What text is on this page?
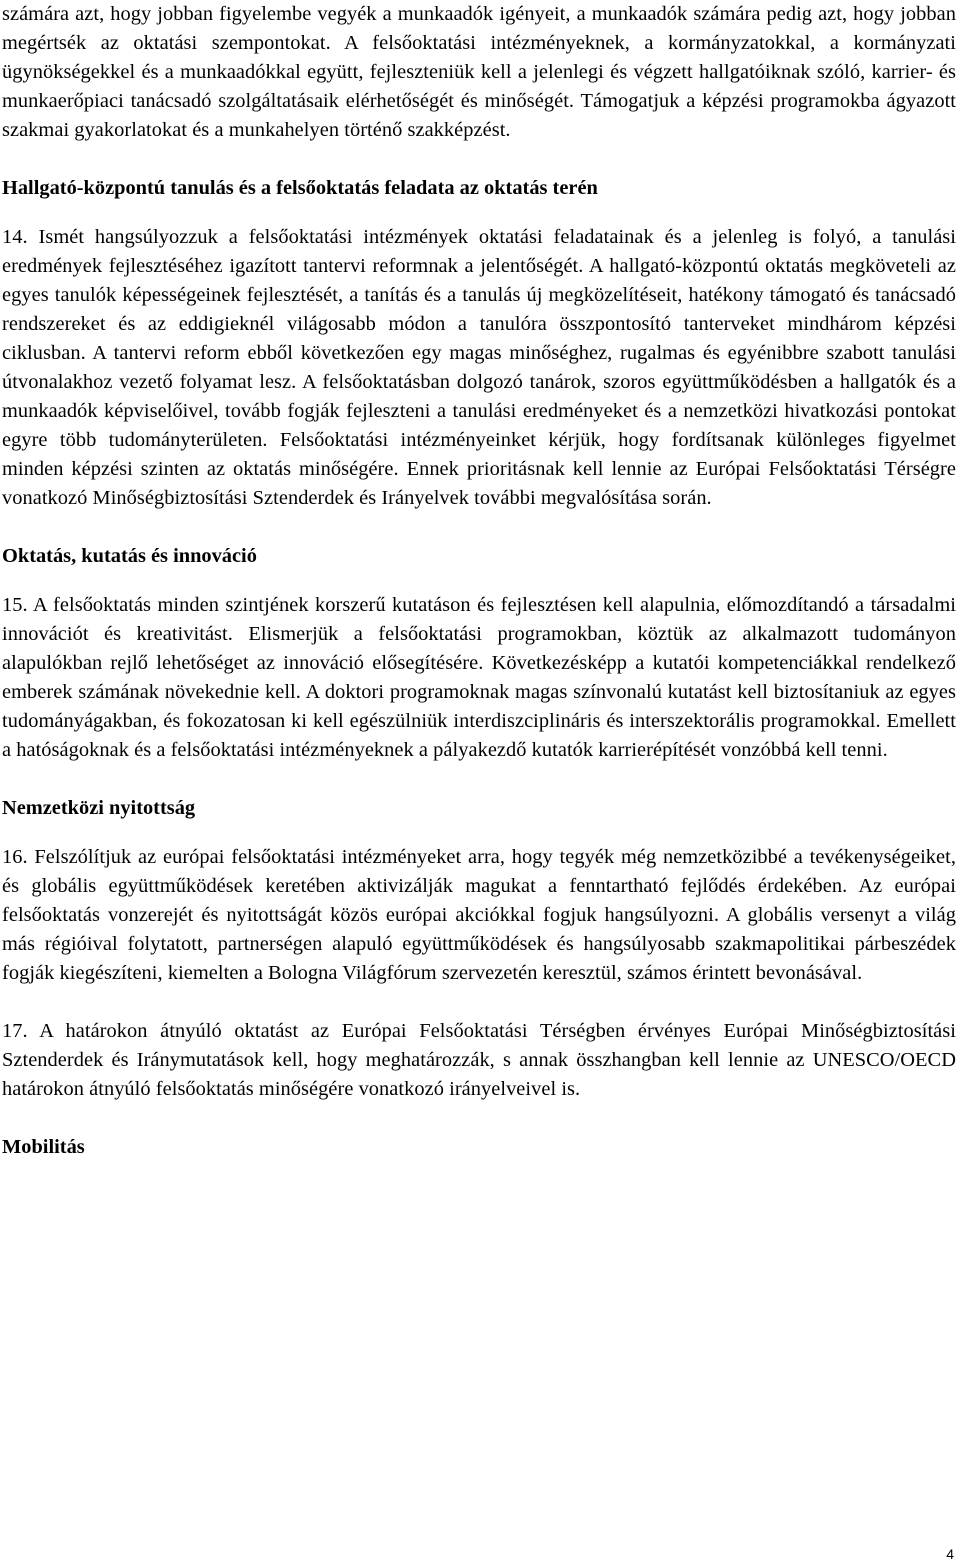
számára azt, hogy jobban figyelembe vegyék a munkaadók igényeit, a munkaadók számára pedig azt, hogy jobban megértsék az oktatási szempontokat. A felsőoktatási intézményeknek, a kormányzatokkal, a kormányzati ügynökségekkel és a munkaadókkal együtt, fejleszteniük kell a jelenlegi és végzett hallgatóiknak szóló, karrier- és munkaerőpiaci tanácsadó szolgáltatásaik elérhetőségét és minőségét. Támogatjuk a képzési programokba ágyazott szakmai gyakorlatokat és a munkahelyen történő szakképzést.

Hallgató-központú tanulás és a felsőoktatás feladata az oktatás terén

14. Ismét hangsúlyozzuk a felsőoktatási intézmények oktatási feladatainak és a jelenleg is folyó, a tanulási eredmények fejlesztéséhez igazított tantervi reformnak a jelentőségét. A hallgató-központú oktatás megköveteli az egyes tanulók képességeinek fejlesztését, a tanítás és a tanulás új megközelítéseit, hatékony támogató és tanácsadó rendszereket és az eddigieknél világosabb módon a tanulóra összpontosító tanterveket mindhárom képzési ciklusban. A tantervi reform ebből következően egy magas minőséghez, rugalmas és egyénibbre szabott tanulási útvonalakhoz vezető folyamat lesz. A felsőoktatásban dolgozó tanárok, szoros együttműködésben a hallgatók és a munkaadók képviselőivel, tovább fogják fejleszteni a tanulási eredményeket és a nemzetközi hivatkozási pontokat egyre több tudományterületen. Felsőoktatási intézményeinket kérjük, hogy fordítsanak különleges figyelmet minden képzési szinten az oktatás minőségére. Ennek prioritásnak kell lennie az Európai Felsőoktatási Térségre vonatkozó Minőségbiztosítási Sztenderdek és Irányelvek további megvalósítása során.

Oktatás, kutatás és innováció

15. A felsőoktatás minden szintjének korszerű kutatáson és fejlesztésen kell alapulnia, előmozdítandó a társadalmi innovációt és kreativitást. Elismerjük a felsőoktatási programokban, köztük az alkalmazott tudományon alapulókban rejlő lehetőséget az innováció elősegítésére. Következésképp a kutatói kompetenciákkal rendelkező emberek számának növekednie kell. A doktori programoknak magas színvonalú kutatást kell biztosítaniuk az egyes tudományágakban, és fokozatosan ki kell egészülniük interdiszciplináris és interszektorális programokkal. Emellett a hatóságoknak és a felsőoktatási intézményeknek a pályakezdő kutatók karrierépítését vonzóbbá kell tenni.

Nemzetközi nyitottság

16. Felszólítjuk az európai felsőoktatási intézményeket arra, hogy tegyék még nemzetközibbé a tevékenységeiket, és globális együttműködések keretében aktivizálják magukat a fenntartható fejlődés érdekében. Az európai felsőoktatás vonzerejét és nyitottságát közös európai akciókkal fogjuk hangsúlyozni. A globális versenyt a világ más régióival folytatott, partnerségen alapuló együttműködések és hangsúlyosabb szakmapolitikai párbeszédek fogják kiegészíteni, kiemelten a Bologna Világfórum szervezetén keresztül, számos érintett bevonásával.

17. A határokon átnyúló oktatást az Európai Felsőoktatási Térségben érvényes Európai Minőségbiztosítási Sztenderdek és Iránymutatások kell, hogy meghatározzák, s annak összhangban kell lennie az UNESCO/OECD határokon átnyúló felsőoktatás minőségére vonatkozó irányelveivel is.

Mobilitás
4
